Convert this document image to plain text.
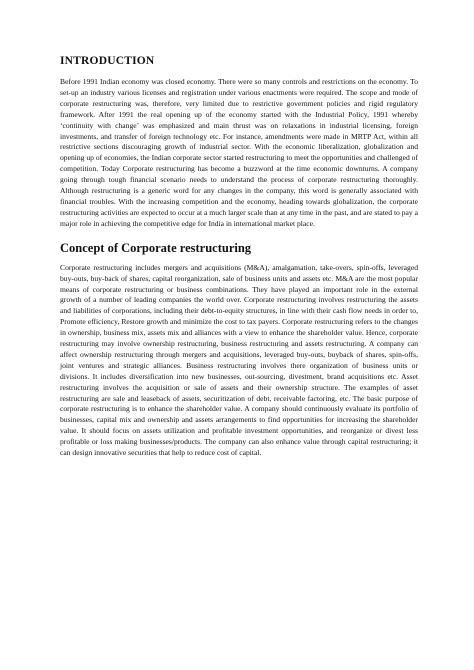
INTRODUCTION

Before 1991 Indian economy was closed economy. There were so many controls and restrictions on the economy. To set-up an industry various licenses and registration under various enactments were required. The scope and mode of corporate restructuring was, therefore, very limited due to restrictive government policies and rigid regulatory framework. After 1991 the real opening up of the economy started with the Industrial Policy, 1991 whereby ‘continuity with change’ was emphasized and main thrust was on relaxations in industrial licensing, foreign investments, and transfer of foreign technology etc. For instance, amendments were made in MRTP Act, within all restrictive sections discouraging growth of industrial sector. With the economic liberalization, globalization and opening up of economies, the Indian corporate sector started restructuring to meet the opportunities and challenged of competition. Today Corporate restructuring has become a buzzword at the time economic downturns. A company going through tough financial scenario needs to understand the process of corporate restructuring thoroughly. Although restructuring is a generic word for any changes in the company, this word is generally associated with financial troubles. With the increasing competition and the economy, heading towards globalization, the corporate restructuring activities are expected to occur at a much larger scale than at any time in the past, and are stated to pay a major role in achieving the competitive edge for India in international market place.

Concept of Corporate restructuring

Corporate restructuring includes mergers and acquisitions (M&A), amalgamation, take-overs, spin-offs, leveraged buy-outs, buy-back of shares, capital reorganization, sale of business units and assets etc. M&A are the most popular means of corporate restructuring or business combinations. They have played an important role in the external growth of a number of leading companies the world over. Corporate restructuring involves restructuring the assets and liabilities of corporations, including their debt-to-equity structures, in line with their cash flow needs in order to, Promote efficiency, Restore growth and minimize the cost to tax payers. Corporate restructuring refers to the changes in ownership, business mix, assets mix and alliances with a view to enhance the shareholder value. Hence, corporate restructuring may involve ownership restructuring, business restructuring and assets restructuring. A company can affect ownership restructuring through mergers and acquisitions, leveraged buy-outs, buyback of shares, spin-offs, joint ventures and strategic alliances. Business restructuring involves there organization of business units or divisions. It includes diversification into new businesses, out-sourcing, divestment, brand acquisitions etc. Asset restructuring involves the acquisition or sale of assets and their ownership structure. The examples of asset restructuring are sale and leaseback of assets, securitization of debt, receivable factoring, etc. The basic purpose of corporate restructuring is to enhance the shareholder value. A company should continuously evaluate its portfolio of businesses, capital mix and ownership and assets arrangements to find opportunities for increasing the shareholder value. It should focus on assets utilization and profitable investment opportunities, and reorganize or divest less profitable or loss making businesses/products. The company can also enhance value through capital restructuring; it can design innovative securities that help to reduce cost of capital.
